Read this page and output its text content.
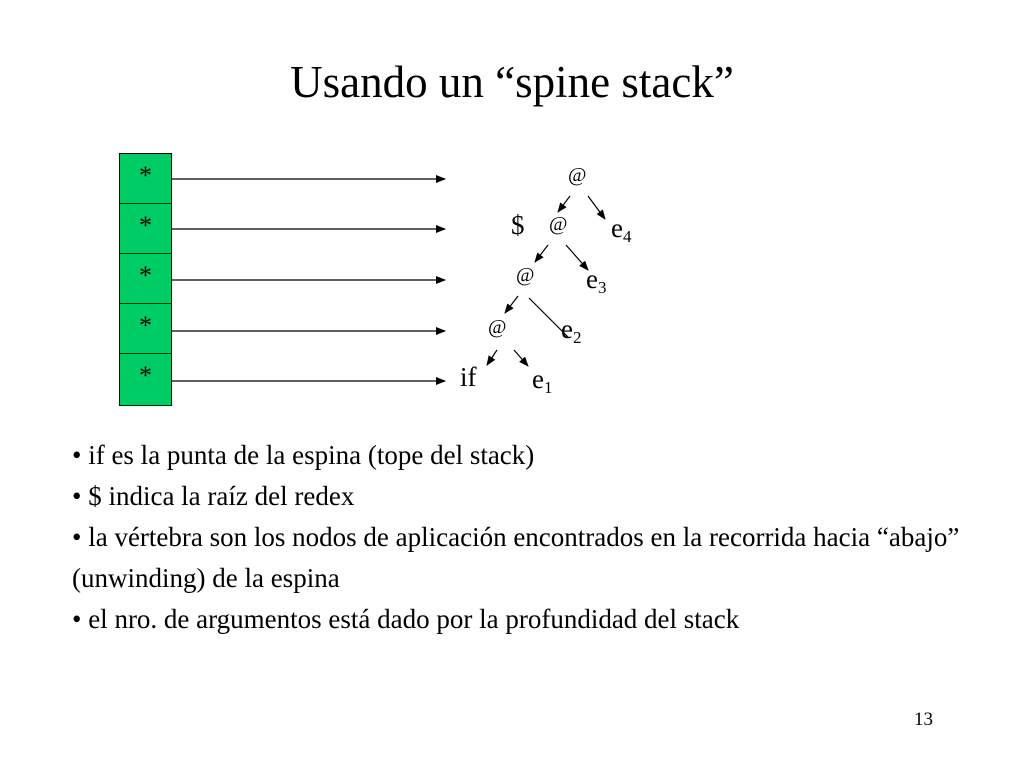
Usando un “spine stack”
*
*
*
*
*
@
$ @ $e_4$
@ $e_3$
@ $e_2$
if $e_1$

• if es la punta de la espina (tope del stack)

• $ indica la raíz del redex

• la vértebra son los nodos de aplicación encontrados en la recorrida hacia “abajo” (unwinding) de la espina

• el nro. de argumentos está dado por la profundidad del stack

13
